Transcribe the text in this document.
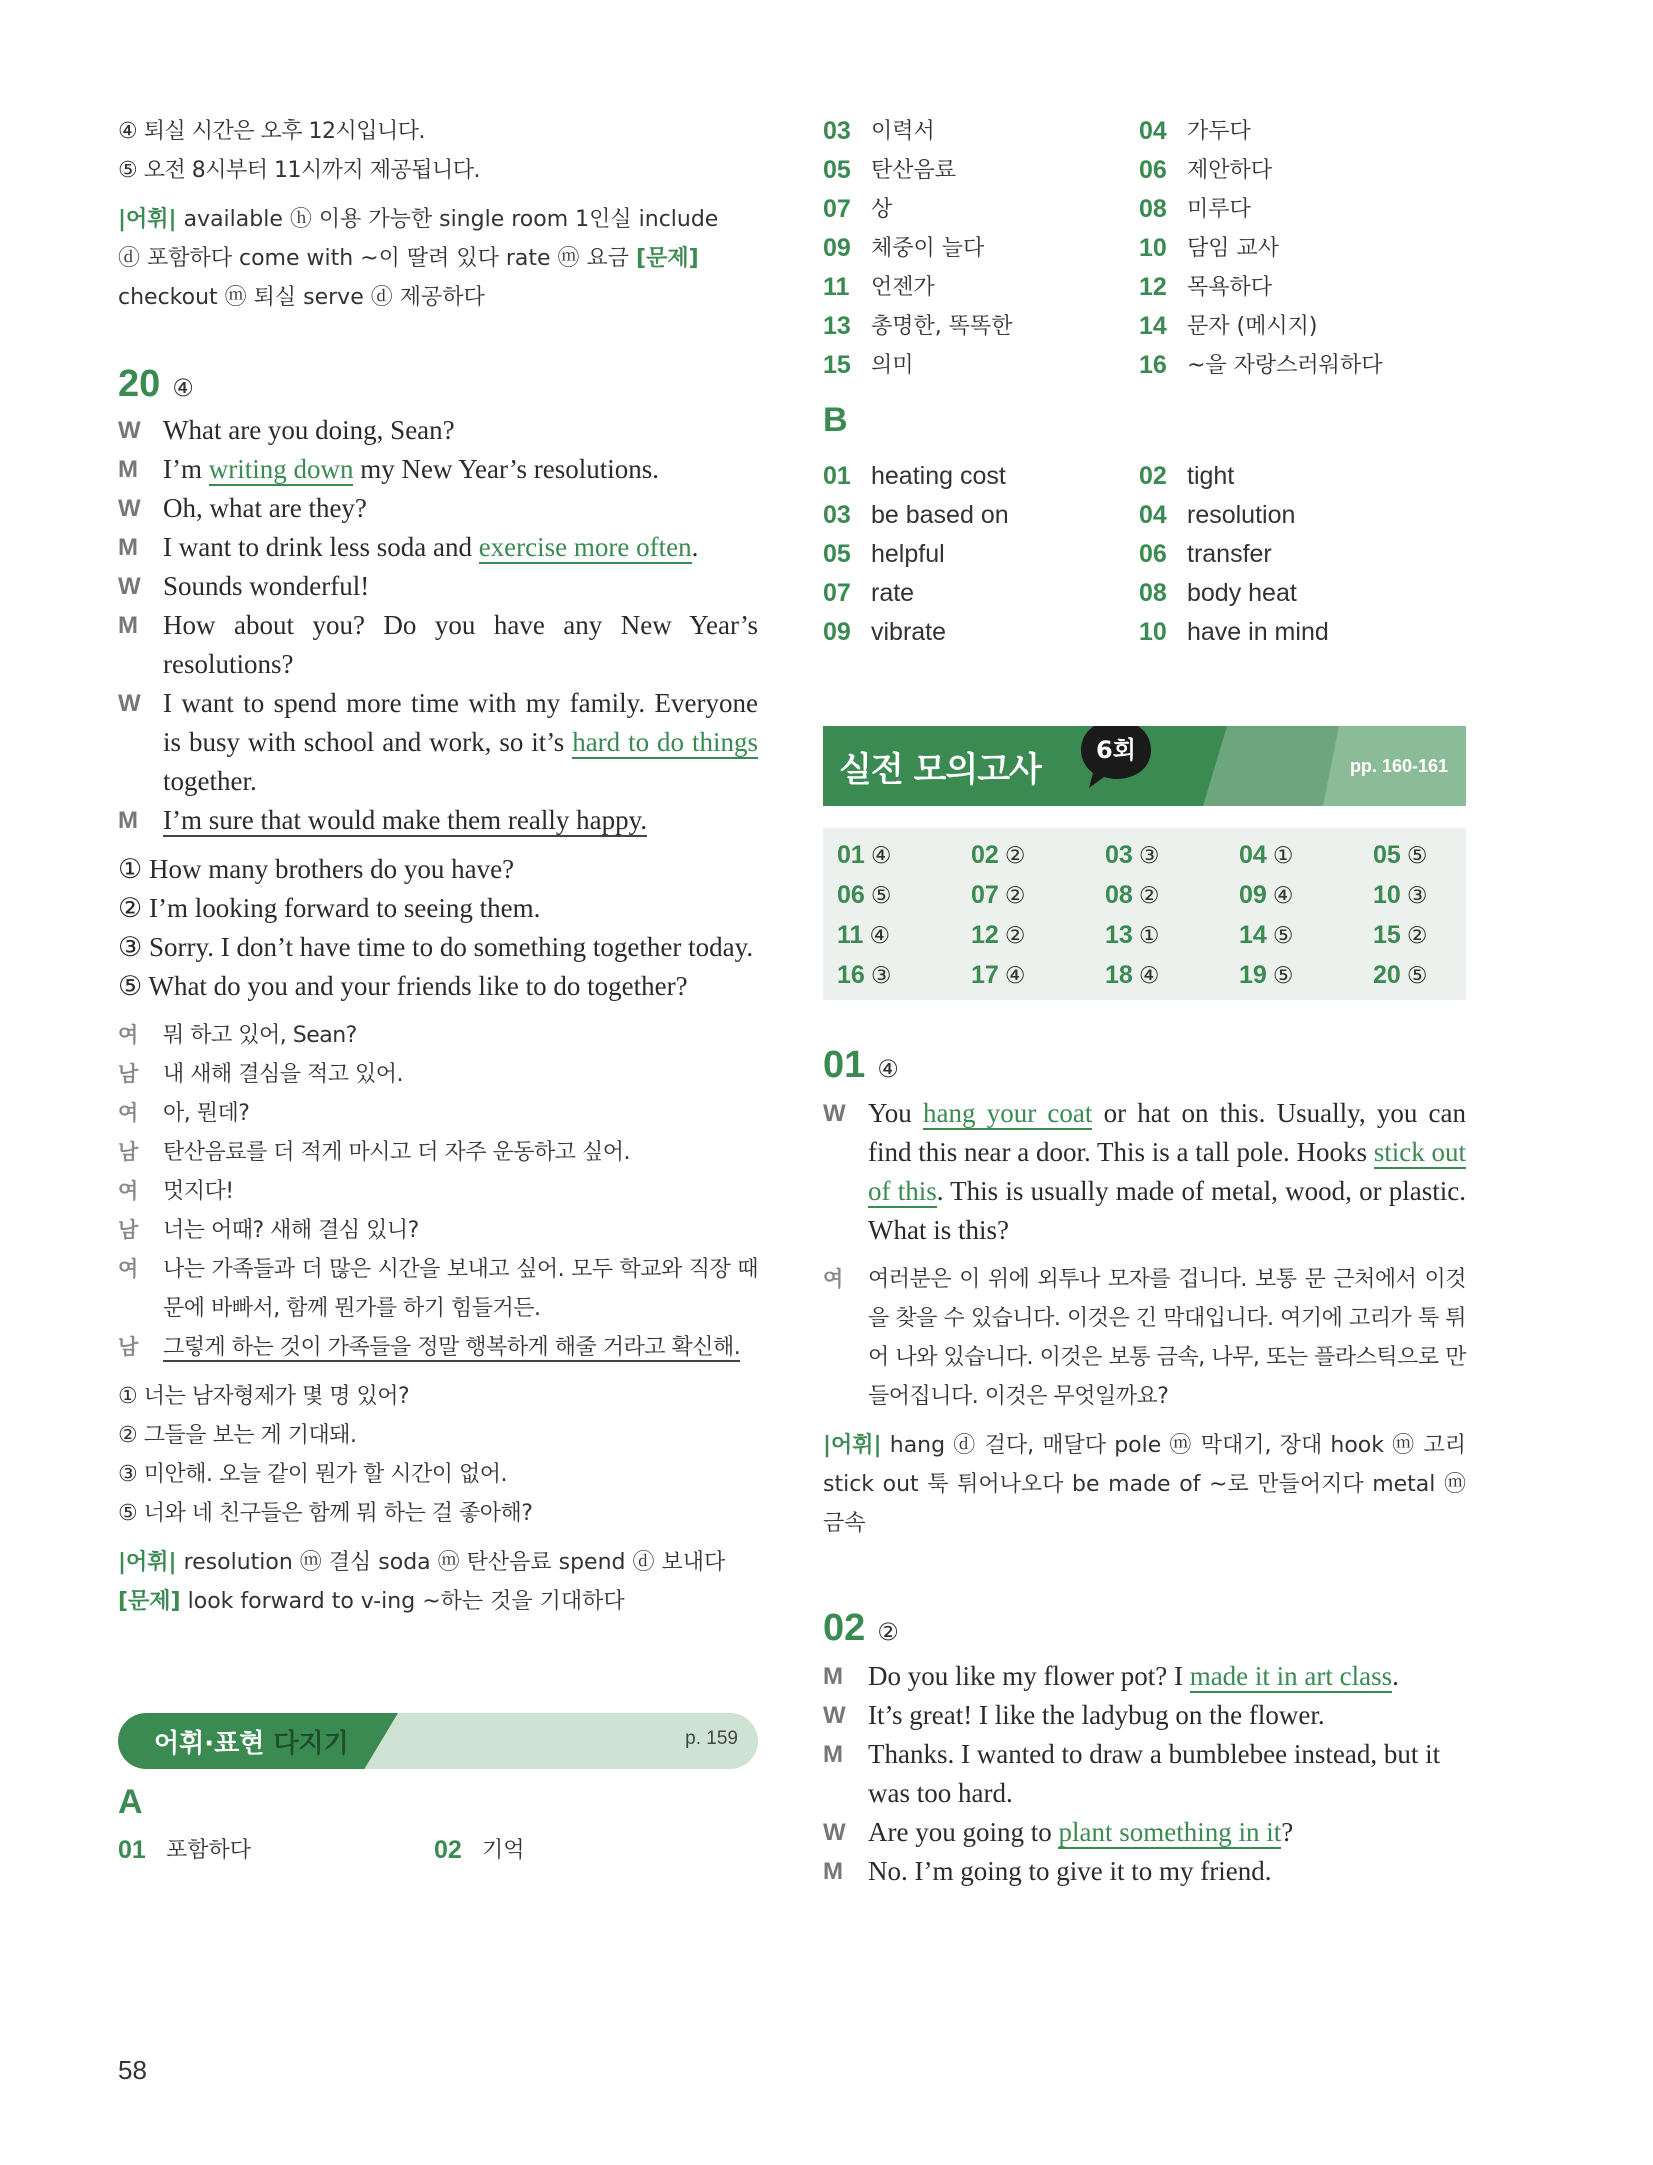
④ 퇴실 시간은 오후 12시입니다.
⑤ 오전 8시부터 11시까지 제공됩니다.
|어휘| available ⓗ 이용 가능한 single room 1인실 include
ⓓ 포함하다 come with ~이 딸려 있다 rate ⓜ 요금 [문제]
checkout ⓜ 퇴실 serve ⓓ 제공하다
20 ④
W What are you doing, Sean?
M I’m writing down my New Year’s resolutions.
W Oh, what are they?
M I want to drink less soda and exercise more often.
W Sounds wonderful!
M How about you? Do you have any New Year’s resolutions?
W I want to spend more time with my family. Everyone is busy with school and work, so it’s hard to do things together.
M I’m sure that would make them really happy.
① How many brothers do you have?
② I’m looking forward to seeing them.
③ Sorry. I don’t have time to do something together today.
⑤ What do you and your friends like to do together?
여	뭐 하고 있어, Sean?
남	내 새해 결심을 적고 있어.
여	아, 뭔데?
남	탄산음료를 더 적게 마시고 더 자주 운동하고 싶어.
여	멋지다!
남	너는 어때? 새해 결심 있니?
여	나는 가족들과 더 많은 시간을 보내고 싶어. 모두 학교와 직장 때문에 바빠서, 함께 뭔가를 하기 힘들거든.
남	그렇게 하는 것이 가족들을 정말 행복하게 해줄 거라고 확신해.
① 너는 남자형제가 몇 명 있어?
② 그들을 보는 게 기대돼.
③ 미안해. 오늘 같이 뭔가 할 시간이 없어.
⑤ 너와 네 친구들은 함께 뭐 하는 걸 좋아해?
|어휘| resolution ⓜ 결심 soda ⓜ 탄산음료 spend ⓓ 보내다
[문제] look forward to v-ing ~하는 것을 기대하다
어휘·표현 다지기	p. 159
A
01 포함하다	02 기억
03 이력서	04 가두다
05 탄산음료	06 제안하다
07 상	08 미루다
09 체중이 늘다	10 담임 교사
11 언젠가	12 목욕하다
13 총명한, 똑똑한	14 문자 (메시지)
15 의미	16 ~을 자랑스러워하다
B
01 heating cost	02 tight
03 be based on	04 resolution
05 helpful	06 transfer
07 rate	08 body heat
09 vibrate	10 have in mind
실전 모의고사 6회
pp. 160-161
01 ④	02 ②	03 ③	04 ①	05 ⑤
06 ⑤	07 ②	08 ②	09 ④	10 ③
11 ④	12 ②	13 ①	14 ⑤	15 ②
16 ③	17 ④	18 ④	19 ⑤	20 ⑤
01 ④
W You hang your coat or hat on this. Usually, you can find this near a door. This is a tall pole. Hooks stick out of this. This is usually made of metal, wood, or plastic. What is this?
여	여러분은 이 위에 외투나 모자를 겁니다. 보통 문 근처에서 이것을 찾을 수 있습니다. 이것은 긴 막대입니다. 여기에 고리가 툭 튀어 나와 있습니다. 이것은 보통 금속, 나무, 또는 플라스틱으로 만들어집니다. 이것은 무엇일까요?
|어휘| hang ⓓ 걸다, 매달다 pole ⓜ 막대기, 장대 hook ⓜ 고리 stick out 툭 튀어나오다 be made of ~로 만들어지다 metal ⓜ 금속
02 ②
M Do you like my flower pot? I made it in art class.
W It’s great! I like the ladybug on the flower.
M Thanks. I wanted to draw a bumblebee instead, but it was too hard.
W Are you going to plant something in it?
M No. I’m going to give it to my friend.
58
